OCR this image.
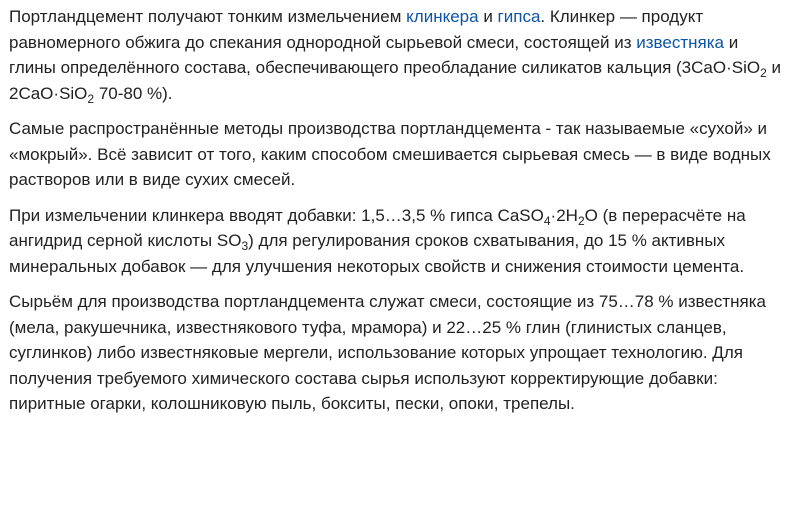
Портландцемент получают тонким измельчением клинкера и гипса. Клинкер — продукт равномерного обжига до спекания однородной сырьевой смеси, состоящей из известняка и глины определённого состава, обеспечивающего преобладание силикатов кальция (3CaO·SiO$_2$ и 2CaO·SiO$_2$ 70-80 %).

Самые распространённые методы производства портландцемента - так называемые «сухой» и «мокрый». Всё зависит от того, каким способом смешивается сырьевая смесь — в виде водных растворов или в виде сухих смесей.

При измельчении клинкера вводят добавки: 1,5…3,5 % гипса $CaSO_4\cdot 2H_2O$ (в перерасчёте на ангидрид серной кислоты $SO_3$) для регулирования сроков схватывания, до 15 % активных минеральных добавок — для улучшения некоторых свойств и снижения стоимости цемента.

Сырьём для производства портландцемента служат смеси, состоящие из 75…78 % известняка (мела, ракушечника, известнякового туфа, мрамора) и 22…25 % глин (глинистых сланцев, суглинков) либо известняковые мергели, использование которых упрощает технологию. Для получения требуемого химического состава сырья используют корректирующие добавки: пиритные огарки, колошниковую пыль, бокситы, пески, опоки, трепелы.
